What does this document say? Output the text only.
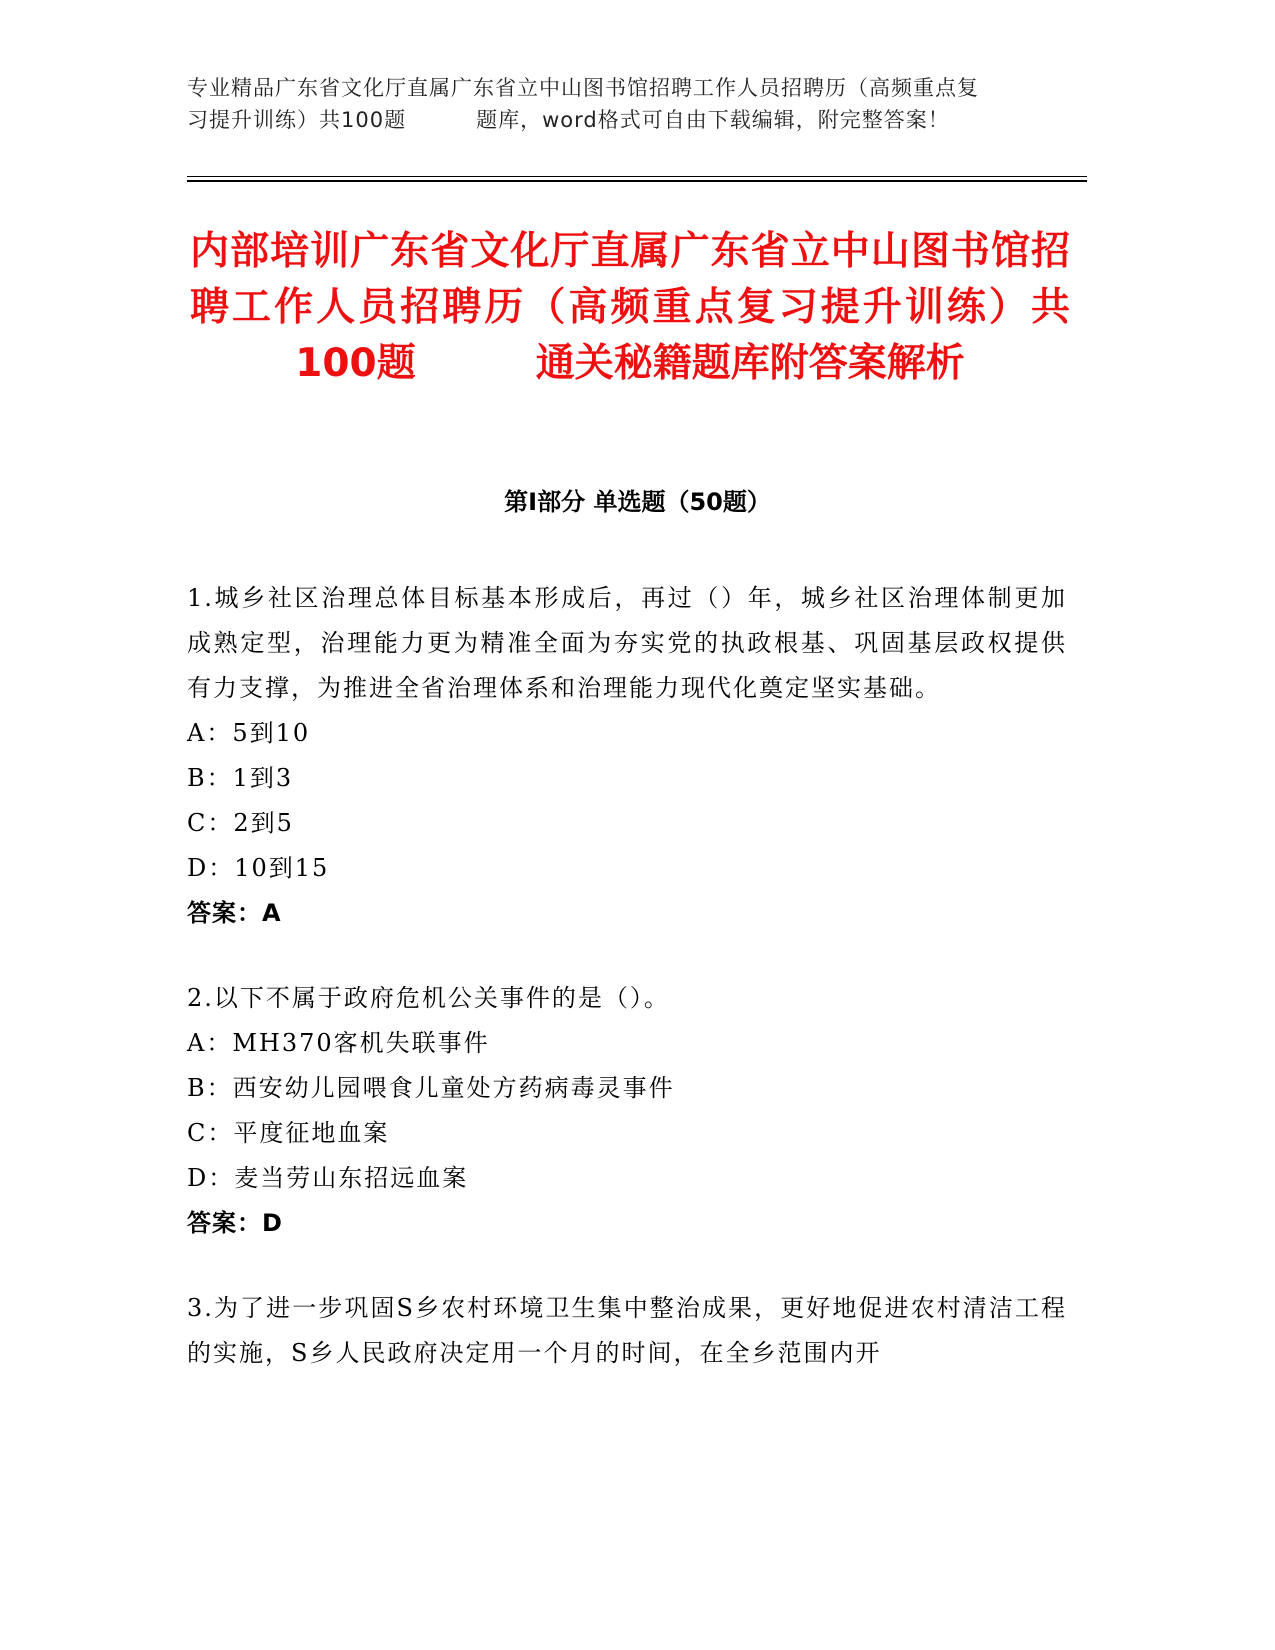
专业精品广东省文化厅直属广东省立中山图书馆招聘工作人员招聘历（高频重点复
习提升训练）共100题	题库，word格式可自由下载编辑，附完整答案！
内部培训广东省文化厅直属广东省立中山图书馆招聘工作人员招聘历（高频重点复习提升训练）共100题	通关秘籍题库附答案解析
第Ⅰ部分 单选题（50题）

1.城乡社区治理总体目标基本形成后，再过（）年，城乡社区治理体制更加成熟定型，治理能力更为精准全面为夯实党的执政根基、巩固基层政权提供有力支撑，为推进全省治理体系和治理能力现代化奠定坚实基础。

A：5到10

B：1到3

C：2到5

D：10到15

答案：A

2.以下不属于政府危机公关事件的是（）。

A：MH370客机失联事件

B：西安幼儿园喂食儿童处方药病毒灵事件

C：平度征地血案

D：麦当劳山东招远血案

答案：D

3.为了进一步巩固S乡农村环境卫生集中整治成果，更好地促进农村清洁工程的实施，S乡人民政府决定用一个月的时间，在全乡范围内开
